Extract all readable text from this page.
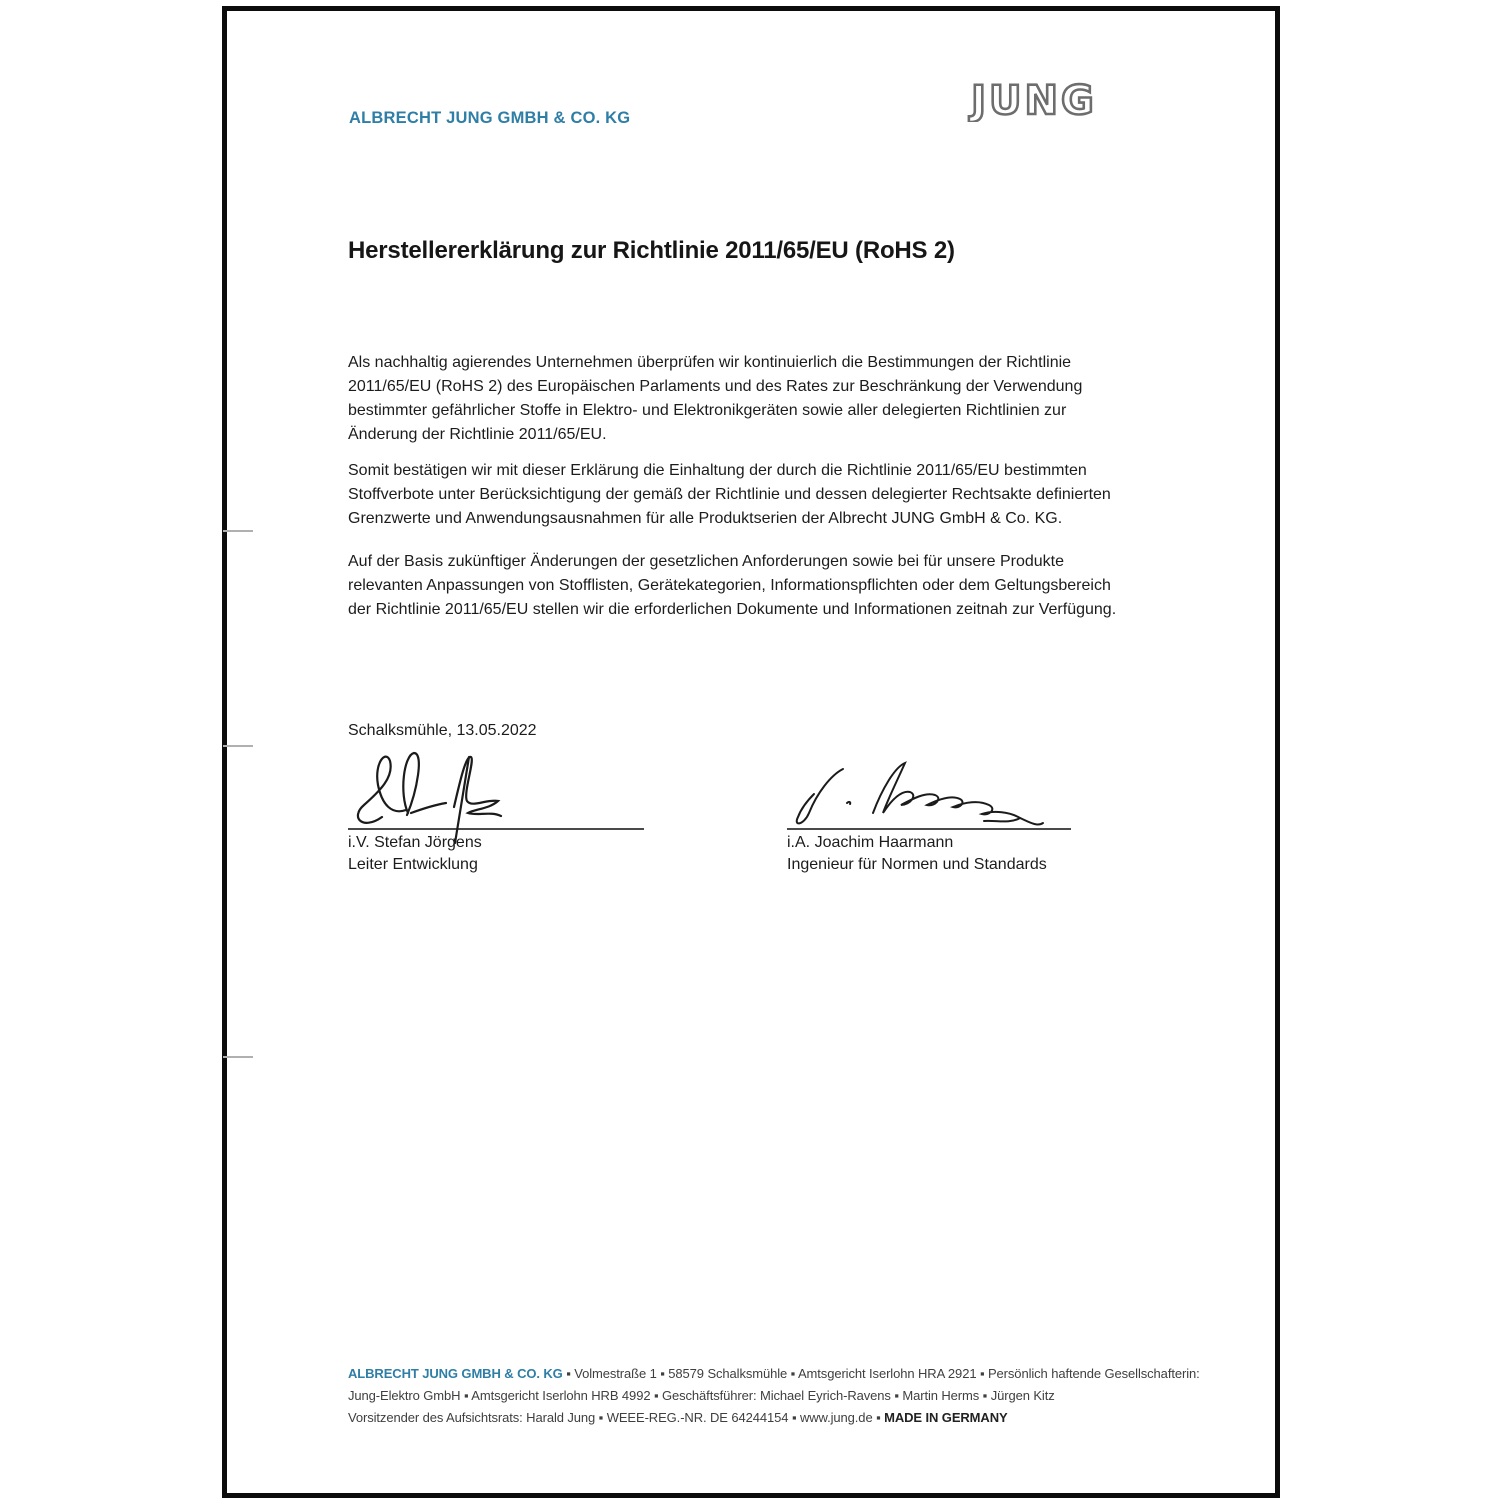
ALBRECHT JUNG GMBH & CO. KG	JUNG
Herstellererklärung zur Richtlinie 2011/65/EU (RoHS 2)

Als nachhaltig agierendes Unternehmen überprüfen wir kontinuierlich die Bestimmungen der Richtlinie 2011/65/EU (RoHS 2) des Europäischen Parlaments und des Rates zur Beschränkung der Verwendung bestimmter gefährlicher Stoffe in Elektro- und Elektronikgeräten sowie aller delegierten Richtlinien zur Änderung der Richtlinie 2011/65/EU.

Somit bestätigen wir mit dieser Erklärung die Einhaltung der durch die Richtlinie 2011/65/EU bestimmten Stoffverbote unter Berücksichtigung der gemäß der Richtlinie und dessen delegierter Rechtsakte definierten Grenzwerte und Anwendungsausnahmen für alle Produktserien der Albrecht JUNG GmbH & Co. KG.

Auf der Basis zukünftiger Änderungen der gesetzlichen Anforderungen sowie bei für unsere Produkte relevanten Anpassungen von Stofflisten, Gerätekategorien, Informationspflichten oder dem Geltungsbereich der Richtlinie 2011/65/EU stellen wir die erforderlichen Dokumente und Informationen zeitnah zur Verfügung.

Schalksmühle, 13.05.2022
i.V. Stefan Jörgens
Leiter Entwicklung
i.A. Joachim Haarmann
Ingenieur für Normen und Standards
ALBRECHT JUNG GMBH & CO. KG ▪ Volmestraße 1 ▪ 58579 Schalksmühle ▪ Amtsgericht Iserlohn HRA 2921 ▪ Persönlich haftende Gesellschafterin:
Jung-Elektro GmbH ▪ Amtsgericht Iserlohn HRB 4992 ▪ Geschäftsführer: Michael Eyrich-Ravens ▪ Martin Herms ▪ Jürgen Kitz
Vorsitzender des Aufsichtsrats: Harald Jung ▪ WEEE-REG.-NR. DE 64244154 ▪ www.jung.de ▪ MADE IN GERMANY
